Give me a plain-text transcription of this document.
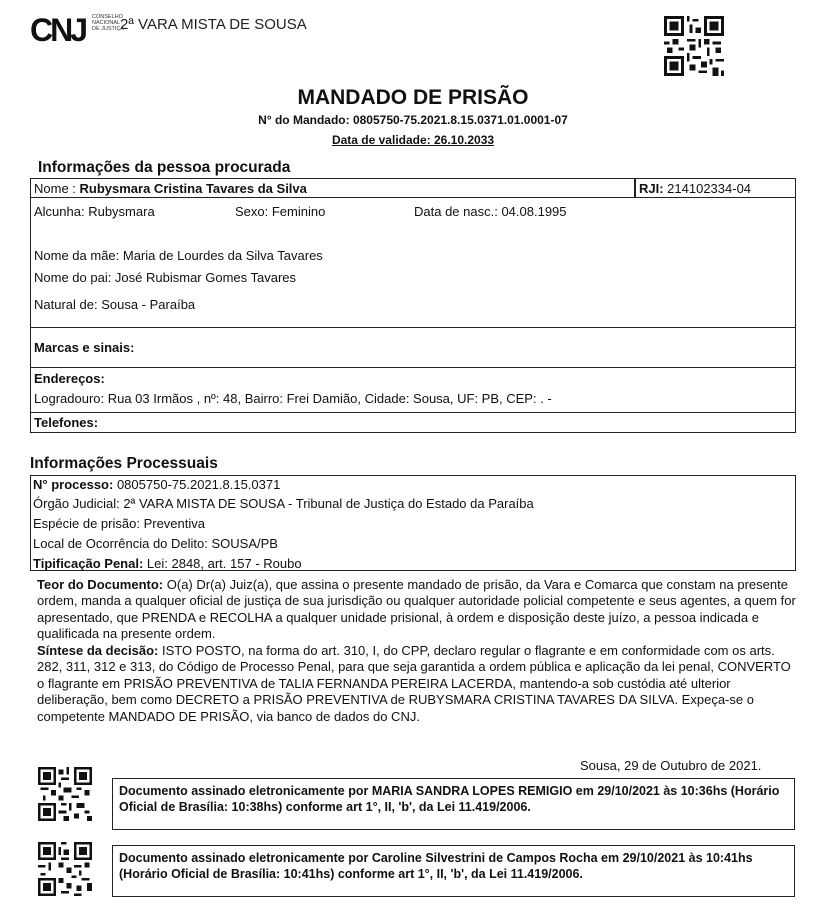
CNJ CONSELHO
NACIONAL
DE JUSTIÇA
2ª VARA MISTA DE SOUSA
MANDADO DE PRISÃO
N° do Mandado: 0805750-75.2021.8.15.0371.01.0001-07
Data de validade: 26.10.2033
Informações da pessoa procurada
Nome : Rubysmara Cristina Tavares da Silva	RJI: 214102334-04
Alcunha: Rubysmara	Sexo: Feminino	Data de nasc.: 04.08.1995
Nome da mãe: Maria de Lourdes da Silva Tavares
Nome do pai: José Rubismar Gomes Tavares
Natural de: Sousa - Paraíba
Marcas e sinais:
Endereços:
Logradouro: Rua 03 Irmãos , nº: 48, Bairro: Frei Damião, Cidade: Sousa, UF: PB, CEP: . -
Telefones:
Informações Processuais
N° processo: 0805750-75.2021.8.15.0371
Órgão Judicial: 2ª VARA MISTA DE SOUSA - Tribunal de Justiça do Estado da Paraíba
Espécie de prisão: Preventiva
Local de Ocorrência do Delito: SOUSA/PB
Tipificação Penal: Lei: 2848, art. 157 - Roubo
Teor do Documento: O(a) Dr(a) Juiz(a), que assina o presente mandado de prisão, da Vara e Comarca que constam na presente ordem, manda a qualquer oficial de justiça de sua jurisdição ou qualquer autoridade policial competente e seus agentes, a quem for apresentado, que PRENDA e RECOLHA a qualquer unidade prisional, à ordem e disposição deste juízo, a pessoa indicada e qualificada na presente ordem.
Síntese da decisão: ISTO POSTO, na forma do art. 310, I, do CPP, declaro regular o flagrante e em conformidade com os arts. 282, 311, 312 e 313, do Código de Processo Penal, para que seja garantida a ordem pública e aplicação da lei penal, CONVERTO o flagrante em PRISÃO PREVENTIVA de TALIA FERNANDA PEREIRA LACERDA, mantendo-a sob custódia até ulterior deliberação, bem como DECRETO a PRISÃO PREVENTIVA de RUBYSMARA CRISTINA TAVARES DA SILVA. Expeça-se o competente MANDADO DE PRISÃO, via banco de dados do CNJ.
Sousa, 29 de Outubro de 2021.
Documento assinado eletronicamente por MARIA SANDRA LOPES REMIGIO em 29/10/2021 às 10:36hs (Horário Oficial de Brasília: 10:38hs) conforme art 1°, II, 'b', da Lei 11.419/2006.
Documento assinado eletronicamente por Caroline Silvestrini de Campos Rocha em 29/10/2021 às 10:41hs (Horário Oficial de Brasília: 10:41hs) conforme art 1°, II, 'b', da Lei 11.419/2006.
